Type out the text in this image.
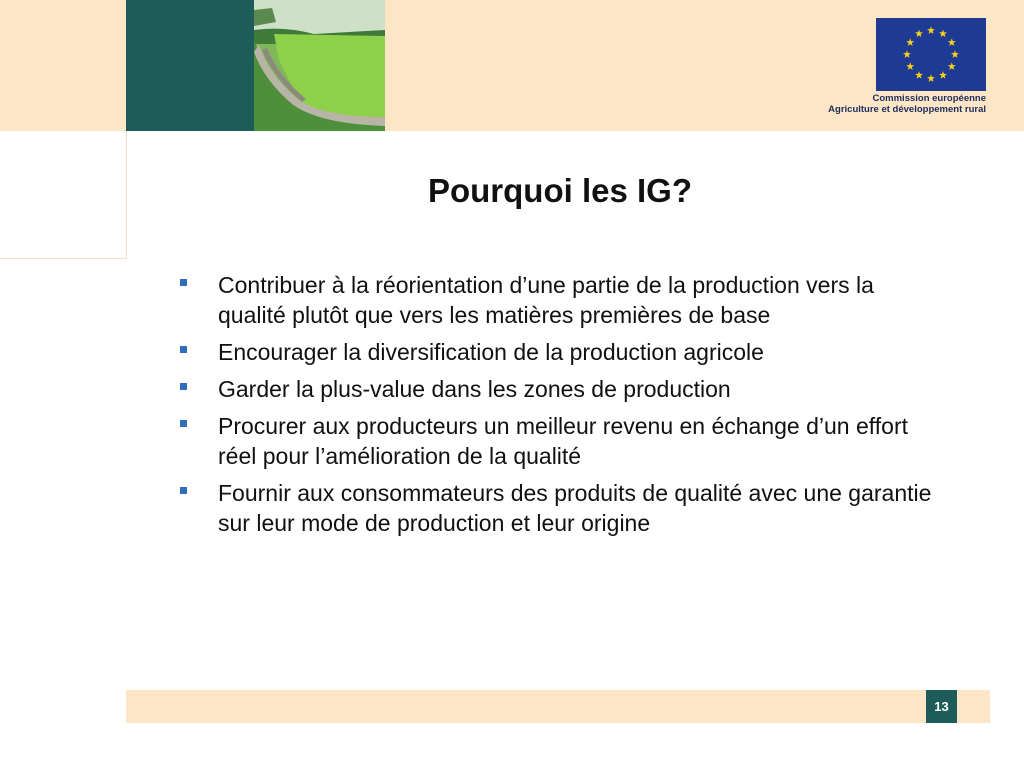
Commission européenne
Agriculture et développement rural
Pourquoi les IG?
Contribuer à la réorientation d’une partie de la production vers la qualité plutôt que vers les matières premières de base
Encourager la diversification de la production agricole
Garder la plus-value dans les zones de production
Procurer aux producteurs un meilleur revenu en échange d’un effort réel pour l’amélioration de la qualité
Fournir aux consommateurs des produits de qualité avec une garantie sur leur mode de production et leur origine
13
